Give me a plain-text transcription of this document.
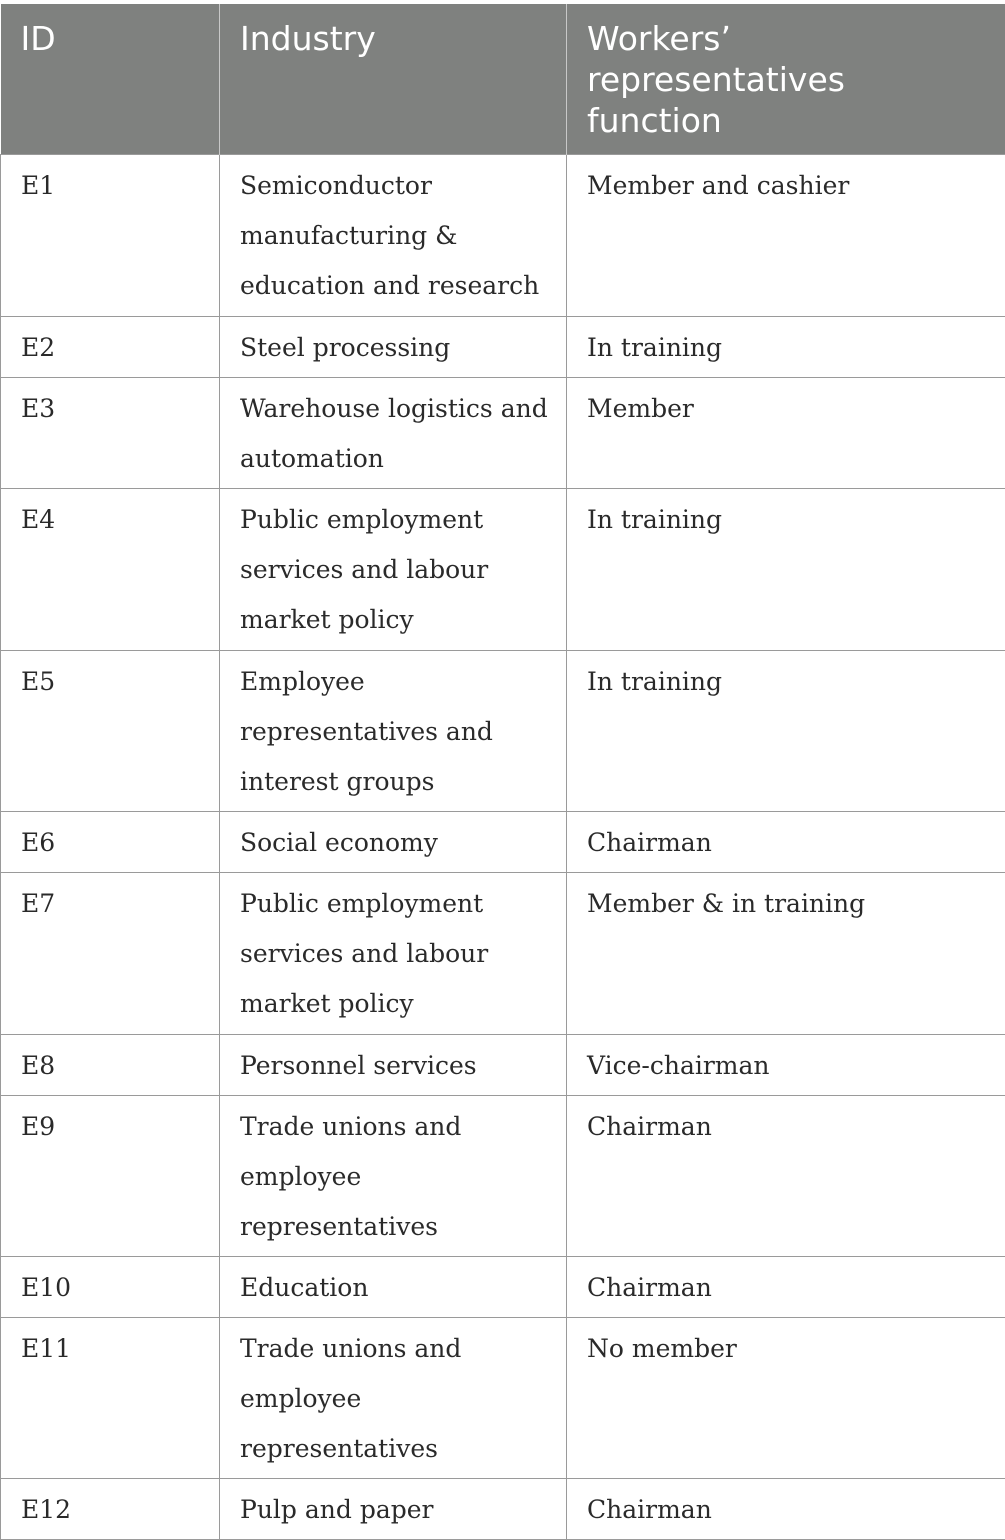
ID	Industry	Workers’ representatives function
E1	Semiconductor manufacturing & education and research	Member and cashier
E2	Steel processing	In training
E3	Warehouse logistics and automation	Member
E4	Public employment services and labour market policy	In training
E5	Employee representatives and interest groups	In training
E6	Social economy	Chairman
E7	Public employment services and labour market policy	Member & in training
E8	Personnel services	Vice-chairman
E9	Trade unions and employee representatives	Chairman
E10	Education	Chairman
E11	Trade unions and employee representatives	No member
E12	Pulp and paper	Chairman
